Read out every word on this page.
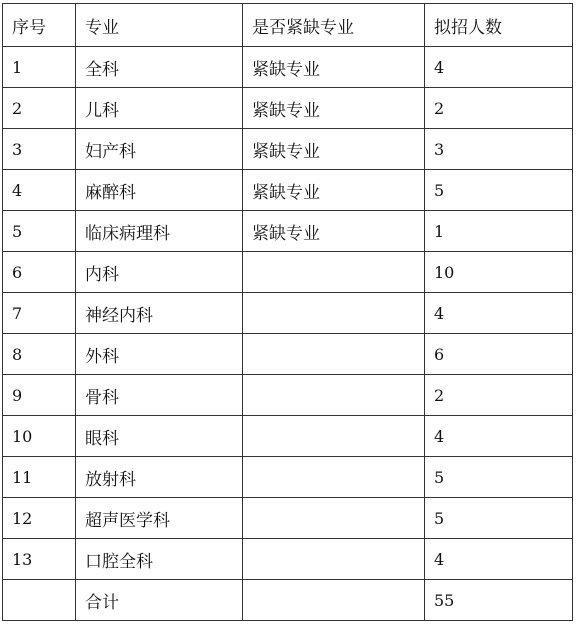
序号	专业	是否紧缺专业	拟招人数
1	全科	紧缺专业	4
2	儿科	紧缺专业	2
3	妇产科	紧缺专业	3
4	麻醉科	紧缺专业	5
5	临床病理科	紧缺专业	1
6	内科		10
7	神经内科		4
8	外科		6
9	骨科		2
10	眼科		4
11	放射科		5
12	超声医学科		5
13	口腔全科		4
	合计		55
